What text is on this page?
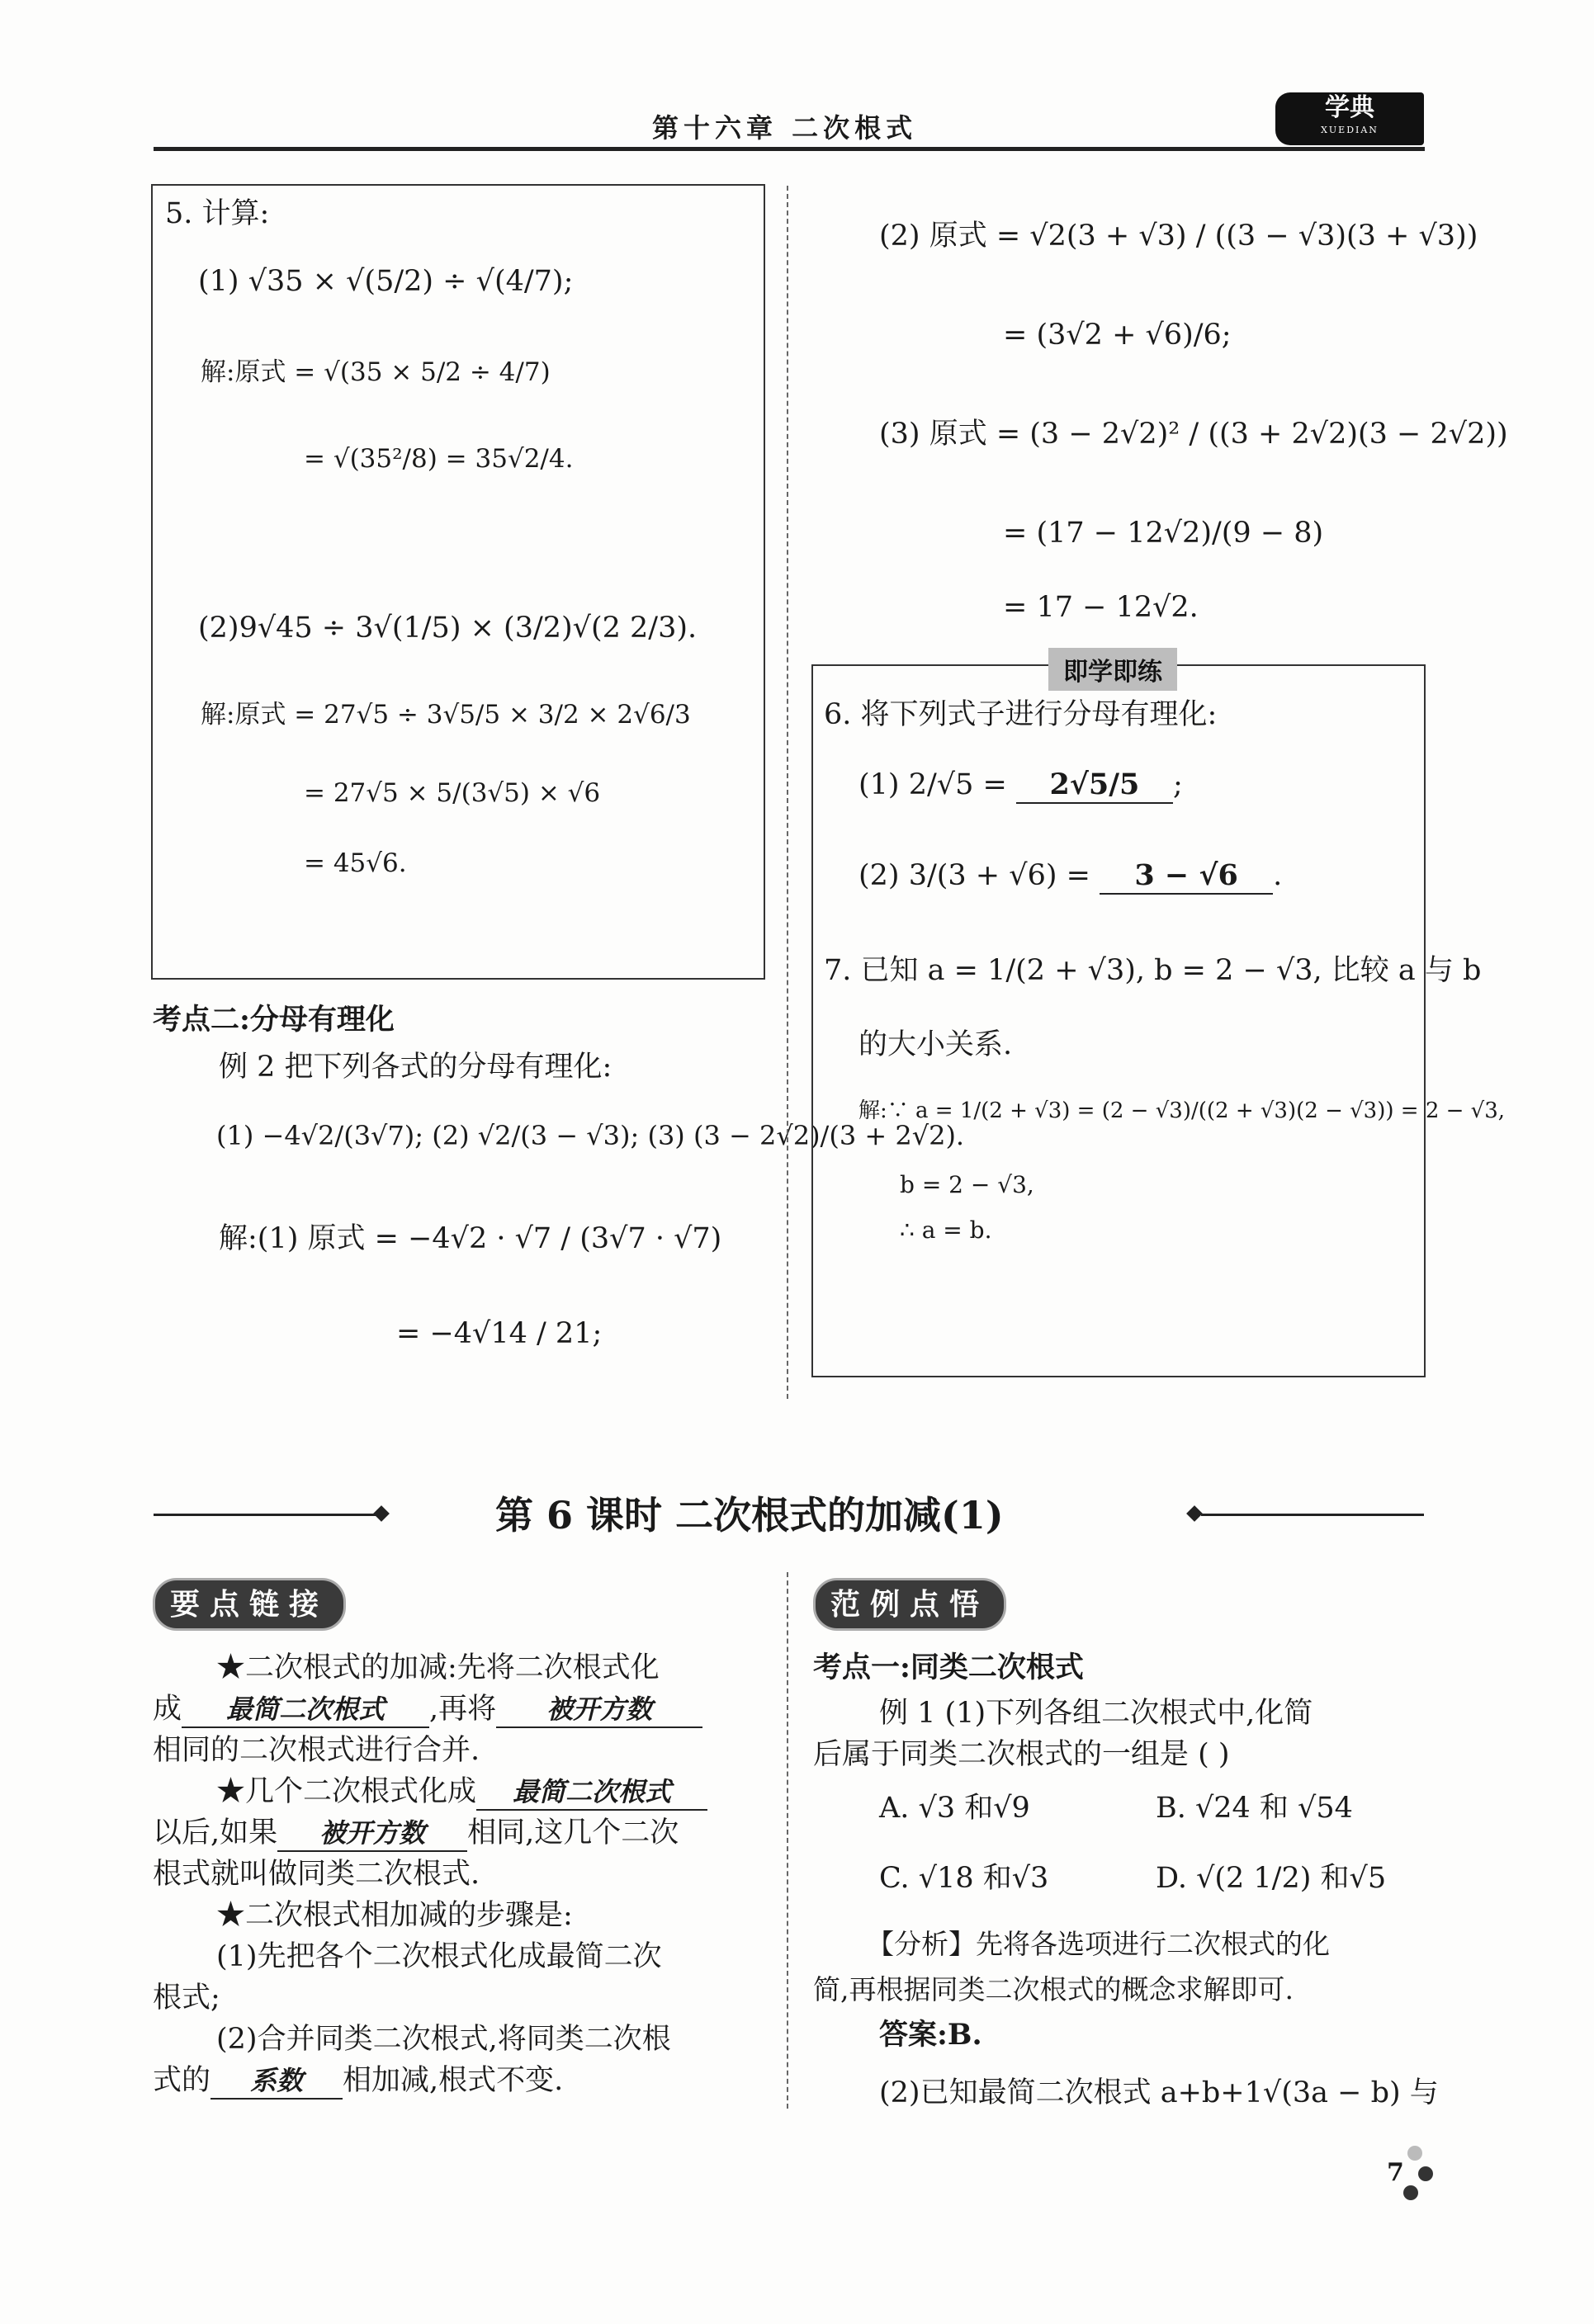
第十六章 二次根式
学典
XUEDIAN
5. 计算:
(1) √35 × √(5/2) ÷ √(4/7);
解:原式 = √(35 × 5/2 ÷ 4/7)
= √(35²/8) = 35√2/4.
(2)9√45 ÷ 3√(1/5) × (3/2)√(2 2/3).
解:原式 = 27√5 ÷ 3√5/5 × 3/2 × 2√6/3
= 27√5 × 5/(3√5) × √6
= 45√6.
考点二:分母有理化
例 2 把下列各式的分母有理化:
(1) −4√2/(3√7); (2) √2/(3 − √3); (3) (3 − 2√2)/(3 + 2√2).
解:(1) 原式 = −4√2 · √7 / (3√7 · √7)
= −4√14 / 21;
(2) 原式 = √2(3 + √3) / ((3 − √3)(3 + √3))
= (3√2 + √6)/6;
(3) 原式 = (3 − 2√2)² / ((3 + 2√2)(3 − 2√2))
= (17 − 12√2)/(9 − 8)
= 17 − 12√2.
即学即练
6. 将下列式子进行分母有理化:
(1) 2/√5 = 2√5/5 ;
(2) 3/(3 + √6) = 3 − √6 .
7. 已知 a = 1/(2 + √3), b = 2 − √3, 比较 a 与 b
的大小关系.
解:∵ a = 1/(2 + √3) = (2 − √3)/((2 + √3)(2 − √3)) = 2 − √3,
b = 2 − √3,
∴ a = b.
第 6 课时 二次根式的加减(1)
要点链接
★二次根式的加减:先将二次根式化
成 最简二次根式 ,再将 被开方数
相同的二次根式进行合并.
★几个二次根式化成 最简二次根式
以后,如果 被开方数 相同,这几个二次
根式就叫做同类二次根式.
★二次根式相加减的步骤是:
(1)先把各个二次根式化成最简二次
根式;
(2)合并同类二次根式,将同类二次根
式的 系数 相加减,根式不变.
范例点悟
考点一:同类二次根式
例 1 (1)下列各组二次根式中,化简
后属于同类二次根式的一组是 ( )
A. √3 和√9	B. √24 和 √54
C. √18 和√3	D. √(2 1/2) 和√5
【分析】先将各选项进行二次根式的化
简,再根据同类二次根式的概念求解即可.
答案:B.
(2)已知最简二次根式 a+b+1√(3a − b) 与
7
